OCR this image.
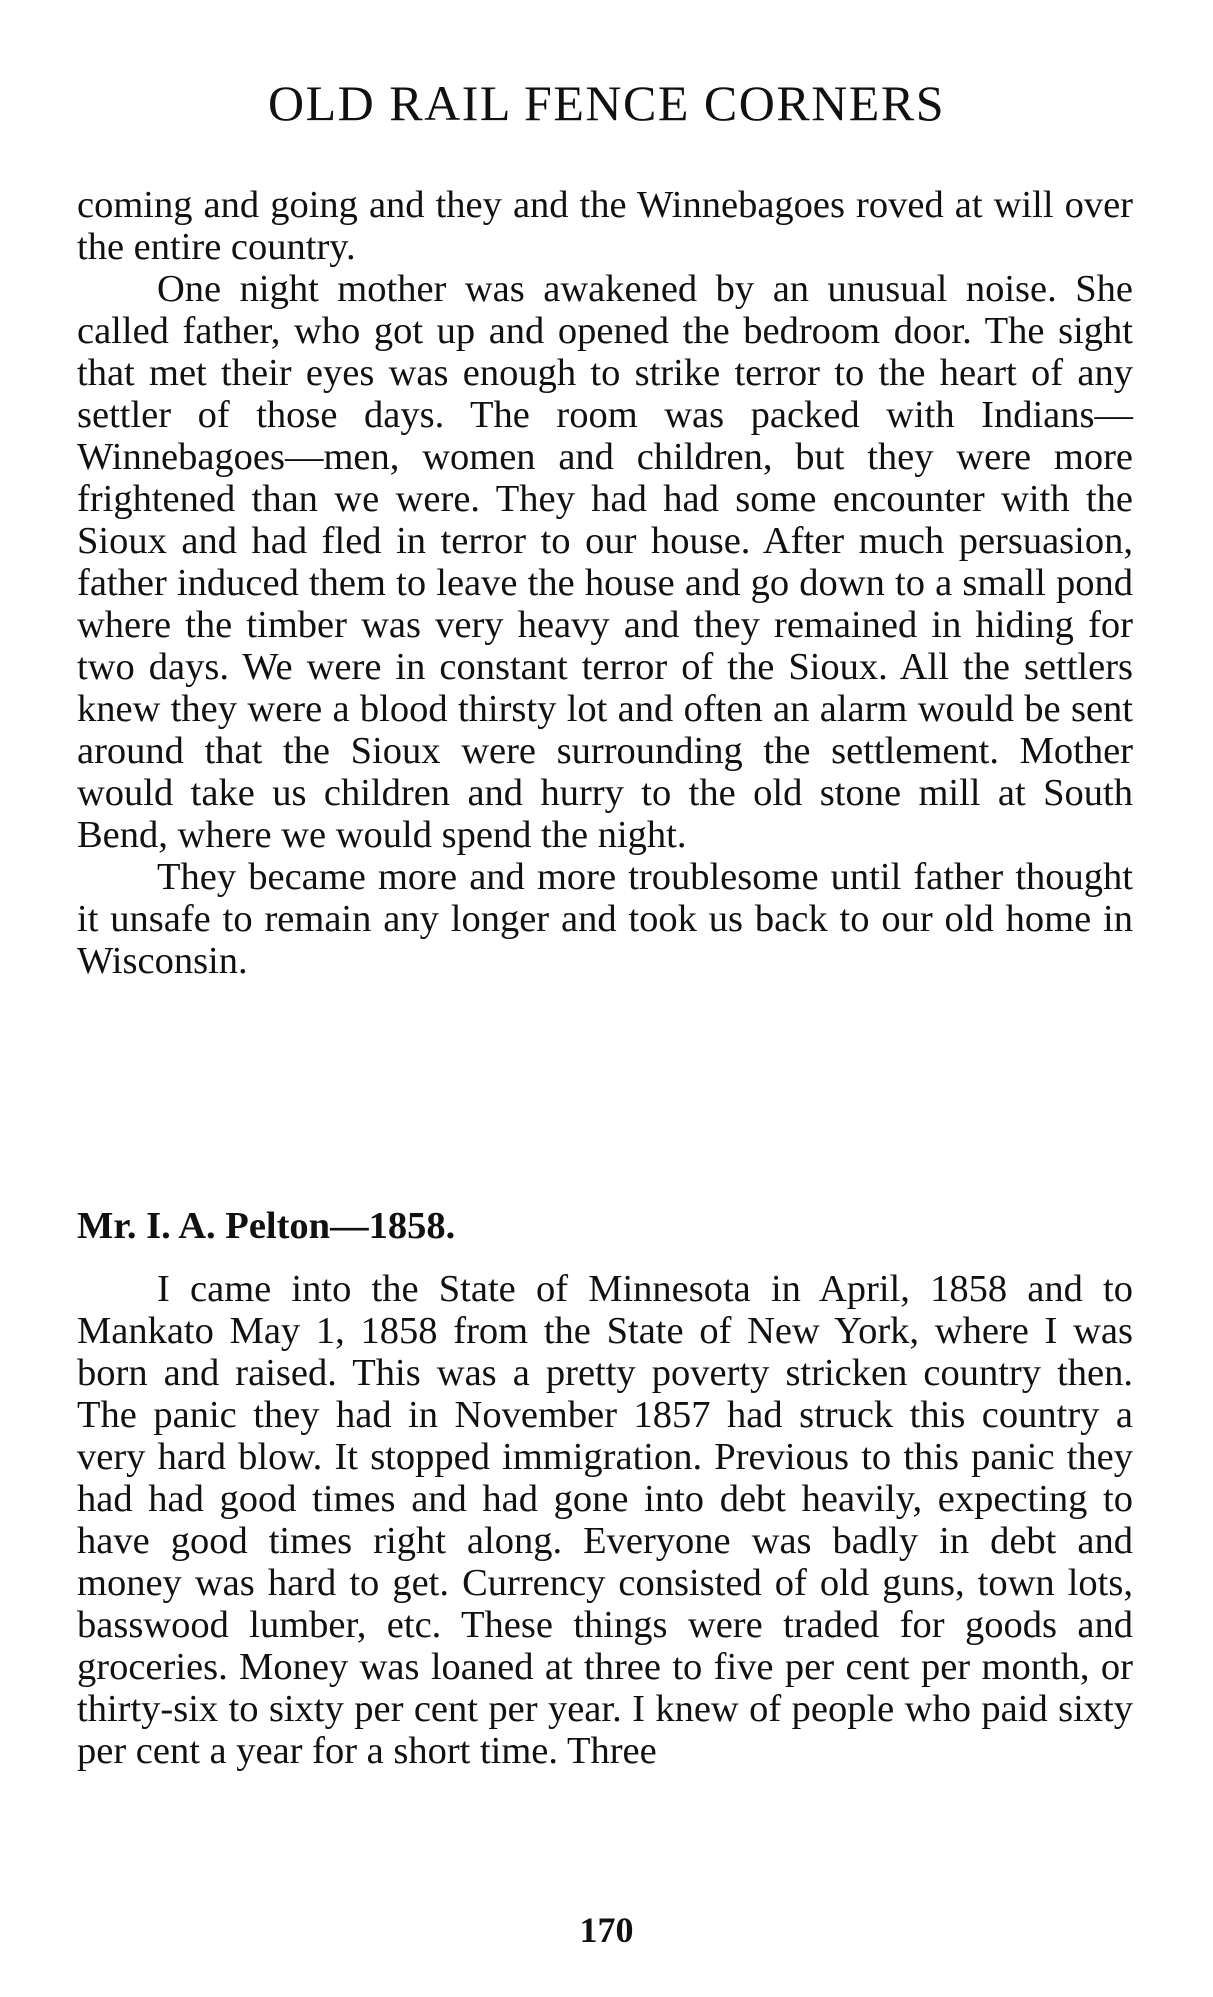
OLD RAIL FENCE CORNERS

coming and going and they and the Winnebagoes roved at will over the entire country.

One night mother was awakened by an unusual noise. She called father, who got up and opened the bedroom door. The sight that met their eyes was enough to strike terror to the heart of any settler of those days. The room was packed with Indians—Winnebagoes—men, women and children, but they were more frightened than we were. They had had some encounter with the Sioux and had fled in terror to our house. After much persuasion, father induced them to leave the house and go down to a small pond where the timber was very heavy and they remained in hiding for two days. We were in constant terror of the Sioux. All the settlers knew they were a blood thirsty lot and often an alarm would be sent around that the Sioux were surrounding the settlement. Mother would take us children and hurry to the old stone mill at South Bend, where we would spend the night.

They became more and more troublesome until father thought it unsafe to remain any longer and took us back to our old home in Wisconsin.

Mr. I. A. Pelton—1858.

I came into the State of Minnesota in April, 1858 and to Mankato May 1, 1858 from the State of New York, where I was born and raised. This was a pretty poverty stricken country then. The panic they had in November 1857 had struck this country a very hard blow. It stopped immigration. Previous to this panic they had had good times and had gone into debt heavily, expecting to have good times right along. Everyone was badly in debt and money was hard to get. Currency consisted of old guns, town lots, basswood lumber, etc. These things were traded for goods and groceries. Money was loaned at three to five per cent per month, or thirty-six to sixty per cent per year. I knew of people who paid sixty per cent a year for a short time. Three

170
